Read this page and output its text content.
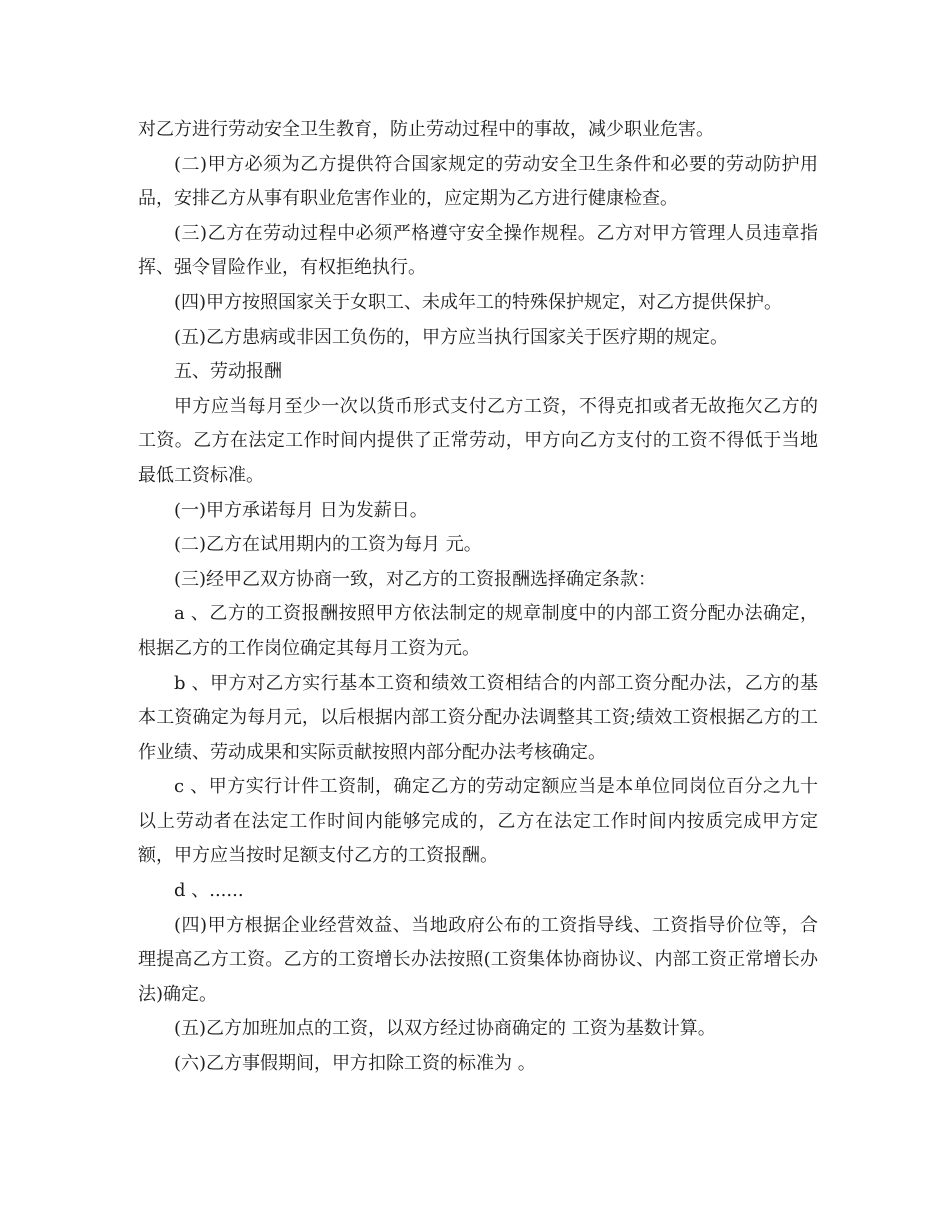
对乙方进行劳动安全卫生教育，防止劳动过程中的事故，减少职业危害。

(二)甲方必须为乙方提供符合国家规定的劳动安全卫生条件和必要的劳动防护用品，安排乙方从事有职业危害作业的，应定期为乙方进行健康检查。

(三)乙方在劳动过程中必须严格遵守安全操作规程。乙方对甲方管理人员违章指挥、强令冒险作业，有权拒绝执行。

(四)甲方按照国家关于女职工、未成年工的特殊保护规定，对乙方提供保护。

(五)乙方患病或非因工负伤的，甲方应当执行国家关于医疗期的规定。

五、劳动报酬

甲方应当每月至少一次以货币形式支付乙方工资，不得克扣或者无故拖欠乙方的工资。乙方在法定工作时间内提供了正常劳动，甲方向乙方支付的工资不得低于当地最低工资标准。

(一)甲方承诺每月 日为发薪日。

(二)乙方在试用期内的工资为每月 元。

(三)经甲乙双方协商一致，对乙方的工资报酬选择确定条款：

a 、乙方的工资报酬按照甲方依法制定的规章制度中的内部工资分配办法确定，根据乙方的工作岗位确定其每月工资为元。

b 、甲方对乙方实行基本工资和绩效工资相结合的内部工资分配办法，乙方的基本工资确定为每月元，以后根据内部工资分配办法调整其工资;绩效工资根据乙方的工作业绩、劳动成果和实际贡献按照内部分配办法考核确定。

c 、甲方实行计件工资制，确定乙方的劳动定额应当是本单位同岗位百分之九十以上劳动者在法定工作时间内能够完成的，乙方在法定工作时间内按质完成甲方定额，甲方应当按时足额支付乙方的工资报酬。

d 、......

(四)甲方根据企业经营效益、当地政府公布的工资指导线、工资指导价位等，合理提高乙方工资。乙方的工资增长办法按照(工资集体协商协议、内部工资正常增长办法)确定。

(五)乙方加班加点的工资，以双方经过协商确定的 工资为基数计算。

(六)乙方事假期间，甲方扣除工资的标准为 。
